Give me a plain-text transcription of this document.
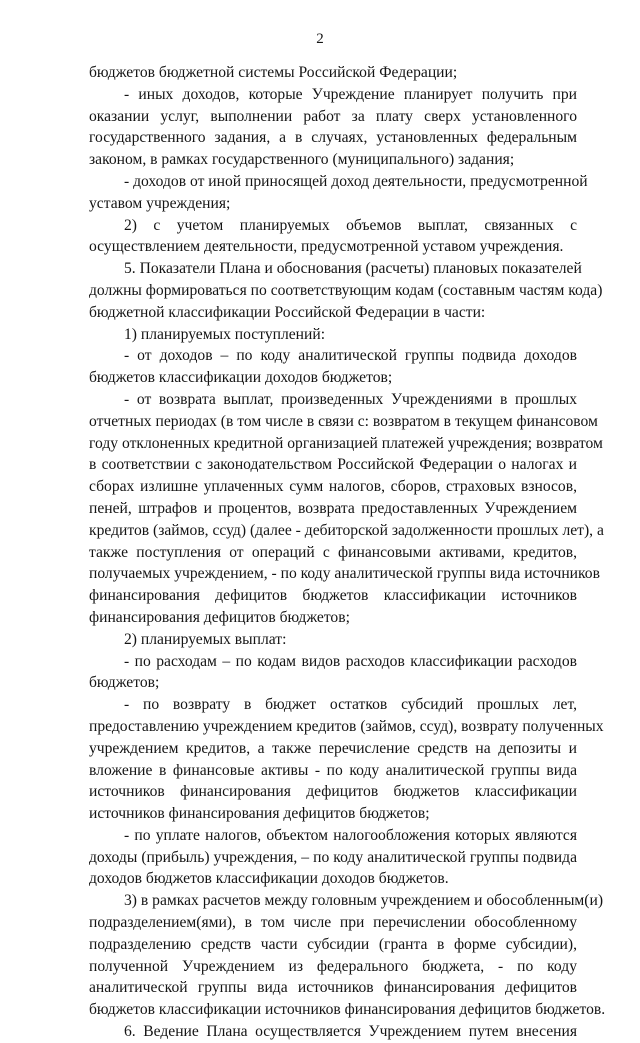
2
бюджетов бюджетной системы Российской Федерации;
- иных доходов, которые Учреждение планирует получить при
оказании услуг, выполнении работ за плату сверх установленного
государственного задания, а в случаях, установленных федеральным
законом, в рамках государственного (муниципального) задания;
- доходов от иной приносящей доход деятельности, предусмотренной
уставом учреждения;
2) с учетом планируемых объемов выплат, связанных с
осуществлением деятельности, предусмотренной уставом учреждения.
5. Показатели Плана и обоснования (расчеты) плановых показателей
должны формироваться по соответствующим кодам (составным частям кода)
бюджетной классификации Российской Федерации в части:
1) планируемых поступлений:
- от доходов – по коду аналитической группы подвида доходов
бюджетов классификации доходов бюджетов;
- от возврата выплат, произведенных Учреждениями в прошлых
отчетных периодах (в том числе в связи с: возвратом в текущем финансовом
году отклоненных кредитной организацией платежей учреждения; возвратом
в соответствии с законодательством Российской Федерации о налогах и
сборах излишне уплаченных сумм налогов, сборов, страховых взносов,
пеней, штрафов и процентов, возврата предоставленных Учреждением
кредитов (займов, ссуд) (далее - дебиторской задолженности прошлых лет), а
также поступления от операций с финансовыми активами, кредитов,
получаемых учреждением, - по коду аналитической группы вида источников
финансирования дефицитов бюджетов классификации источников
финансирования дефицитов бюджетов;
2) планируемых выплат:
- по расходам – по кодам видов расходов классификации расходов
бюджетов;
- по возврату в бюджет остатков субсидий прошлых лет,
предоставлению учреждением кредитов (займов, ссуд), возврату полученных
учреждением кредитов, а также перечисление средств на депозиты и
вложение в финансовые активы - по коду аналитической группы вида
источников финансирования дефицитов бюджетов классификации
источников финансирования дефицитов бюджетов;
- по уплате налогов, объектом налогообложения которых являются
доходы (прибыль) учреждения, – по коду аналитической группы подвида
доходов бюджетов классификации доходов бюджетов.
3) в рамках расчетов между головным учреждением и обособленным(и)
подразделением(ями), в том числе при перечислении обособленному
подразделению средств части субсидии (гранта в форме субсидии),
полученной Учреждением из федерального бюджета, - по коду
аналитической группы вида источников финансирования дефицитов
бюджетов классификации источников финансирования дефицитов бюджетов.
6. Ведение Плана осуществляется Учреждением путем внесения
